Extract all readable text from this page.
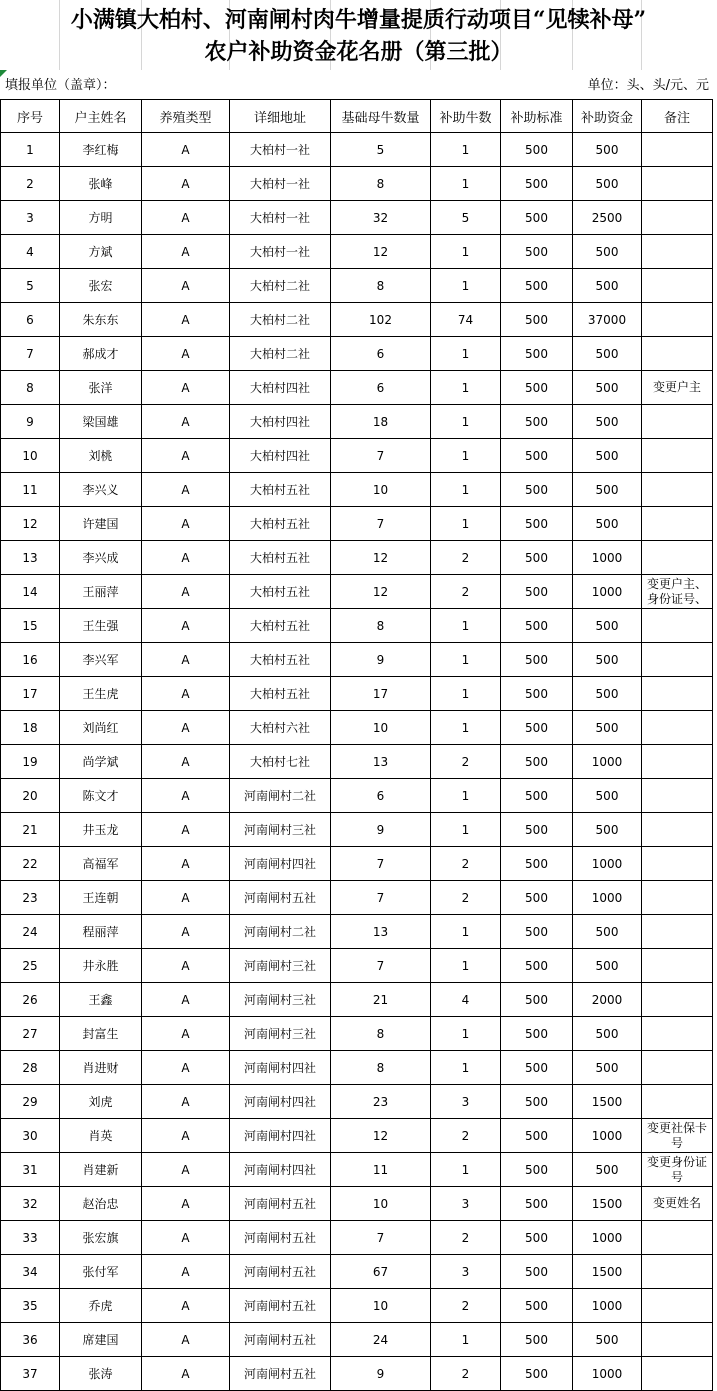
小满镇大柏村、河南闸村肉牛增量提质行动项目“见犊补母”
农户补助资金花名册（第三批）
填报单位（盖章）：	单位：头、头/元、元
序号	户主姓名	养殖类型	详细地址	基础母牛数量	补助牛数	补助标准	补助资金	备注
1	李红梅	A	大柏村一社	5	1	500	500	
2	张峰	A	大柏村一社	8	1	500	500	
3	方明	A	大柏村一社	32	5	500	2500	
4	方斌	A	大柏村一社	12	1	500	500	
5	张宏	A	大柏村二社	8	1	500	500	
6	朱东东	A	大柏村二社	102	74	500	37000	
7	郝成才	A	大柏村二社	6	1	500	500	
8	张洋	A	大柏村四社	6	1	500	500	变更户主
9	梁国雄	A	大柏村四社	18	1	500	500	
10	刘桃	A	大柏村四社	7	1	500	500	
11	李兴义	A	大柏村五社	10	1	500	500	
12	许建国	A	大柏村五社	7	1	500	500	
13	李兴成	A	大柏村五社	12	2	500	1000	
14	王丽萍	A	大柏村五社	12	2	500	1000	变更户主、身份证号、
15	王生强	A	大柏村五社	8	1	500	500	
16	李兴军	A	大柏村五社	9	1	500	500	
17	王生虎	A	大柏村五社	17	1	500	500	
18	刘尚红	A	大柏村六社	10	1	500	500	
19	尚学斌	A	大柏村七社	13	2	500	1000	
20	陈文才	A	河南闸村二社	6	1	500	500	
21	井玉龙	A	河南闸村三社	9	1	500	500	
22	高福军	A	河南闸村四社	7	2	500	1000	
23	王连朝	A	河南闸村五社	7	2	500	1000	
24	程丽萍	A	河南闸村二社	13	1	500	500	
25	井永胜	A	河南闸村三社	7	1	500	500	
26	王鑫	A	河南闸村三社	21	4	500	2000	
27	封富生	A	河南闸村三社	8	1	500	500	
28	肖进财	A	河南闸村四社	8	1	500	500	
29	刘虎	A	河南闸村四社	23	3	500	1500	
30	肖英	A	河南闸村四社	12	2	500	1000	变更社保卡号
31	肖建新	A	河南闸村四社	11	1	500	500	变更身份证号
32	赵治忠	A	河南闸村五社	10	3	500	1500	变更姓名
33	张宏旗	A	河南闸村五社	7	2	500	1000	
34	张付军	A	河南闸村五社	67	3	500	1500	
35	乔虎	A	河南闸村五社	10	2	500	1000	
36	席建国	A	河南闸村五社	24	1	500	500	
37	张涛	A	河南闸村五社	9	2	500	1000	
